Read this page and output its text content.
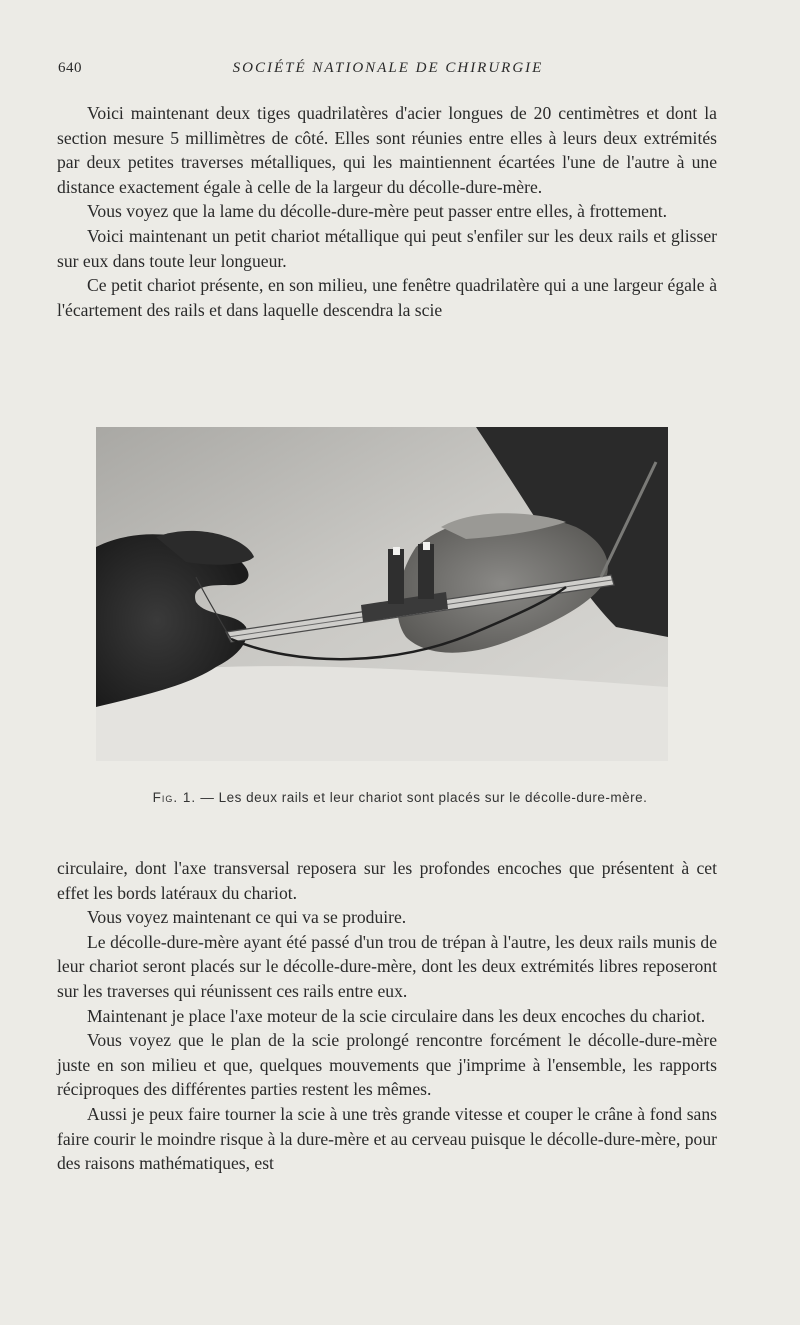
640	SOCIÉTÉ NATIONALE DE CHIRURGIE

Voici maintenant deux tiges quadrilatères d'acier longues de 20 centimètres et dont la section mesure 5 millimètres de côté. Elles sont réunies entre elles à leurs deux extrémités par deux petites traverses métalliques, qui les maintiennent écartées l'une de l'autre à une distance exactement égale à celle de la largeur du décolle-dure-mère.

Vous voyez que la lame du décolle-dure-mère peut passer entre elles, à frottement.

Voici maintenant un petit chariot métallique qui peut s'enfiler sur les deux rails et glisser sur eux dans toute leur longueur.

Ce petit chariot présente, en son milieu, une fenêtre quadrilatère qui a une largeur égale à l'écartement des rails et dans laquelle descendra la scie

Fig. 1. — Les deux rails et leur chariot sont placés sur le décolle-dure-mère.

circulaire, dont l'axe transversal reposera sur les profondes encoches que présentent à cet effet les bords latéraux du chariot.

Vous voyez maintenant ce qui va se produire.

Le décolle-dure-mère ayant été passé d'un trou de trépan à l'autre, les deux rails munis de leur chariot seront placés sur le décolle-dure-mère, dont les deux extrémités libres reposeront sur les traverses qui réunissent ces rails entre eux.

Maintenant je place l'axe moteur de la scie circulaire dans les deux encoches du chariot.

Vous voyez que le plan de la scie prolongé rencontre forcément le décolle-dure-mère juste en son milieu et que, quelques mouvements que j'imprime à l'ensemble, les rapports réciproques des différentes parties restent les mêmes.

Aussi je peux faire tourner la scie à une très grande vitesse et couper le crâne à fond sans faire courir le moindre risque à la dure-mère et au cerveau puisque le décolle-dure-mère, pour des raisons mathématiques, est
